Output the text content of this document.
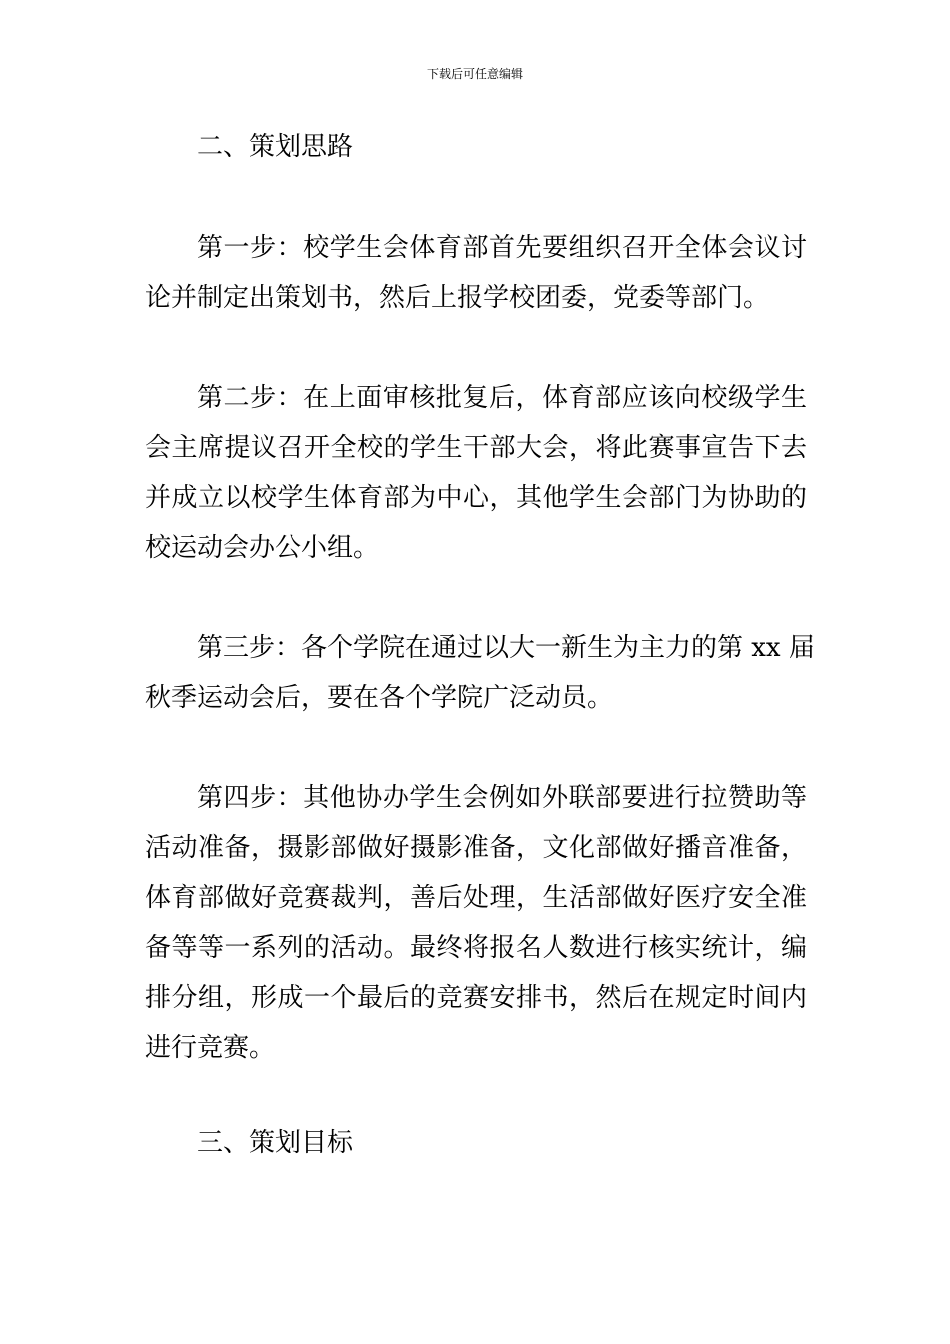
下载后可任意编辑
二、策划思路
第一步：校学生会体育部首先要组织召开全体会议讨
论并制定出策划书，然后上报学校团委，党委等部门。
第二步：在上面审核批复后，体育部应该向校级学生
会主席提议召开全校的学生干部大会，将此赛事宣告下去
并成立以校学生体育部为中心，其他学生会部门为协助的
校运动会办公小组。
第三步：各个学院在通过以大一新生为主力的第 xx 届
秋季运动会后，要在各个学院广泛动员。
第四步：其他协办学生会例如外联部要进行拉赞助等
活动准备，摄影部做好摄影准备，文化部做好播音准备，
体育部做好竞赛裁判，善后处理，生活部做好医疗安全准
备等等一系列的活动。最终将报名人数进行核实统计，编
排分组，形成一个最后的竞赛安排书，然后在规定时间内
进行竞赛。
三、策划目标
